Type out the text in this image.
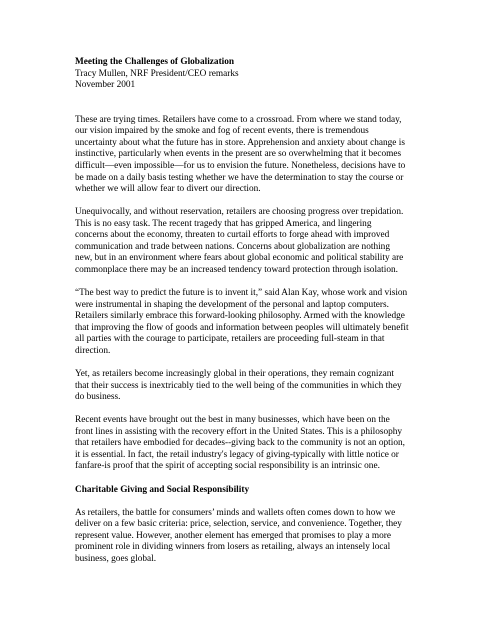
Meeting the Challenges of Globalization
Tracy Mullen, NRF President/CEO remarks
November 2001
These are trying times. Retailers have come to a crossroad. From where we stand today,
our vision impaired by the smoke and fog of recent events, there is tremendous
uncertainty about what the future has in store. Apprehension and anxiety about change is
instinctive, particularly when events in the present are so overwhelming that it becomes
difficult—even impossible—for us to envision the future. Nonetheless, decisions have to
be made on a daily basis testing whether we have the determination to stay the course or
whether we will allow fear to divert our direction.
Unequivocally, and without reservation, retailers are choosing progress over trepidation.
This is no easy task. The recent tragedy that has gripped America, and lingering
concerns about the economy, threaten to curtail efforts to forge ahead with improved
communication and trade between nations. Concerns about globalization are nothing
new, but in an environment where fears about global economic and political stability are
commonplace there may be an increased tendency toward protection through isolation.
“The best way to predict the future is to invent it,” said Alan Kay, whose work and vision
were instrumental in shaping the development of the personal and laptop computers.
Retailers similarly embrace this forward-looking philosophy. Armed with the knowledge
that improving the flow of goods and information between peoples will ultimately benefit
all parties with the courage to participate, retailers are proceeding full-steam in that
direction.
Yet, as retailers become increasingly global in their operations, they remain cognizant
that their success is inextricably tied to the well being of the communities in which they
do business.
Recent events have brought out the best in many businesses, which have been on the
front lines in assisting with the recovery effort in the United States. This is a philosophy
that retailers have embodied for decades--giving back to the community is not an option,
it is essential. In fact, the retail industry's legacy of giving-typically with little notice or
fanfare-is proof that the spirit of accepting social responsibility is an intrinsic one.
Charitable Giving and Social Responsibility
As retailers, the battle for consumers’ minds and wallets often comes down to how we
deliver on a few basic criteria: price, selection, service, and convenience. Together, they
represent value. However, another element has emerged that promises to play a more
prominent role in dividing winners from losers as retailing, always an intensely local
business, goes global.
